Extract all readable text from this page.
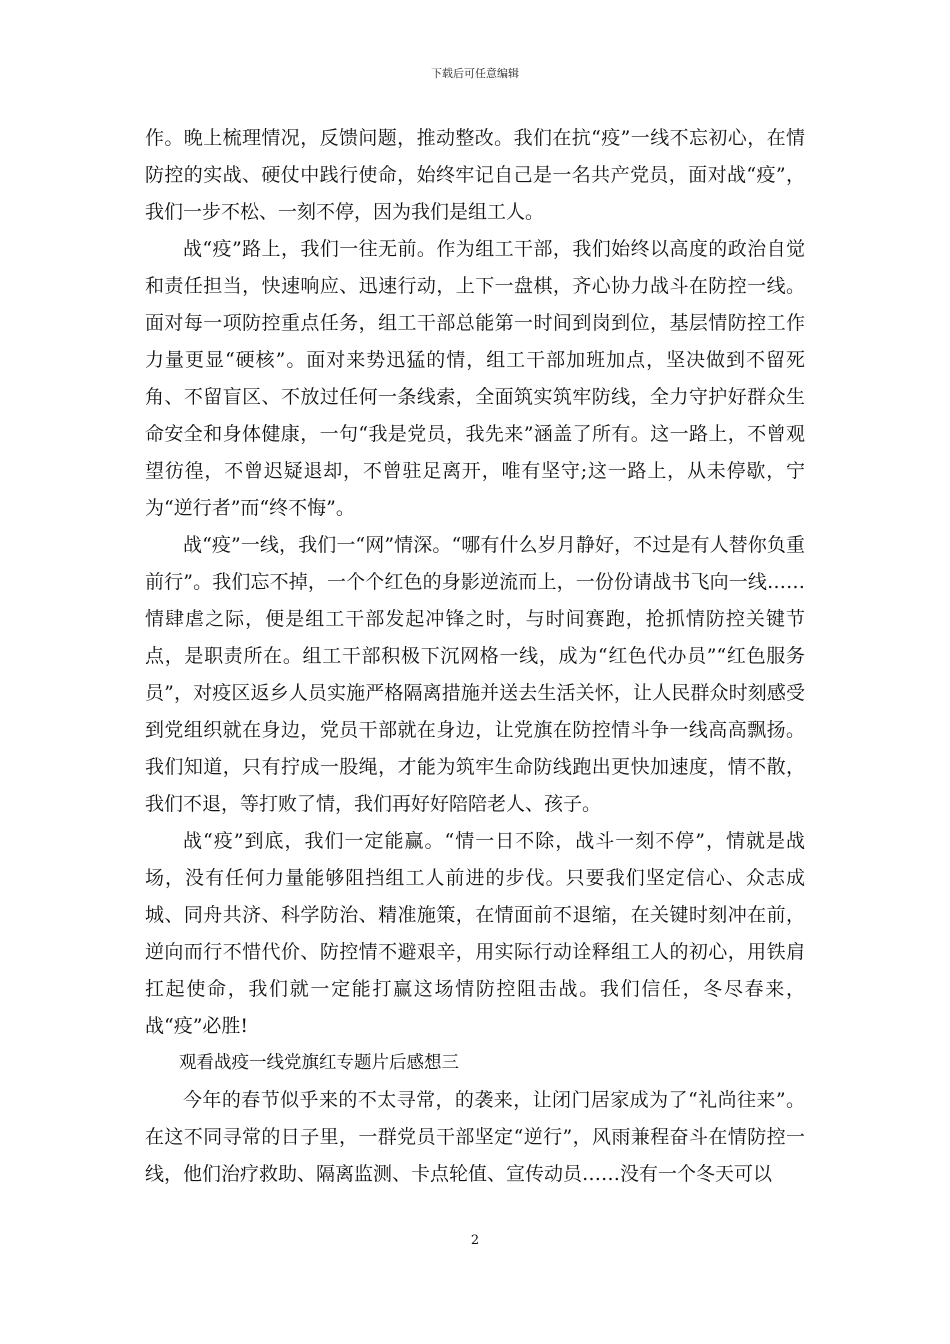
下载后可任意编辑

作。晚上梳理情况，反馈问题，推动整改。我们在抗“疫”一线不忘初心，在情防控的实战、硬仗中践行使命，始终牢记自己是一名共产党员，面对战“疫”，我们一步不松、一刻不停，因为我们是组工人。

战“疫”路上，我们一往无前。作为组工干部，我们始终以高度的政治自觉和责任担当，快速响应、迅速行动，上下一盘棋，齐心协力战斗在防控一线。面对每一项防控重点任务，组工干部总能第一时间到岗到位，基层情防控工作力量更显“硬核”。面对来势迅猛的情，组工干部加班加点，坚决做到不留死角、不留盲区、不放过任何一条线索，全面筑实筑牢防线，全力守护好群众生命安全和身体健康，一句“我是党员，我先来”涵盖了所有。这一路上，不曾观望彷徨，不曾迟疑退却，不曾驻足离开，唯有坚守;这一路上，从未停歇，宁为“逆行者”而“终不悔”。

战“疫”一线，我们一“网”情深。“哪有什么岁月静好，不过是有人替你负重前行”。我们忘不掉，一个个红色的身影逆流而上，一份份请战书飞向一线……情肆虐之际，便是组工干部发起冲锋之时，与时间赛跑，抢抓情防控关键节点，是职责所在。组工干部积极下沉网格一线，成为“红色代办员”“红色服务员”，对疫区返乡人员实施严格隔离措施并送去生活关怀，让人民群众时刻感受到党组织就在身边，党员干部就在身边，让党旗在防控情斗争一线高高飘扬。我们知道，只有拧成一股绳，才能为筑牢生命防线跑出更快加速度，情不散，我们不退，等打败了情，我们再好好陪陪老人、孩子。

战“疫”到底，我们一定能赢。“情一日不除，战斗一刻不停”，情就是战场，没有任何力量能够阻挡组工人前进的步伐。只要我们坚定信心、众志成城、同舟共济、科学防治、精准施策，在情面前不退缩，在关键时刻冲在前，逆向而行不惜代价、防控情不避艰辛，用实际行动诠释组工人的初心，用铁肩扛起使命，我们就一定能打赢这场情防控阻击战。我们信任，冬尽春来，战“疫”必胜!

观看战疫一线党旗红专题片后感想三

今年的春节似乎来的不太寻常，的袭来，让闭门居家成为了“礼尚往来”。在这不同寻常的日子里，一群党员干部坚定“逆行”，风雨兼程奋斗在情防控一线，他们治疗救助、隔离监测、卡点轮值、宣传动员……没有一个冬天可以

2
